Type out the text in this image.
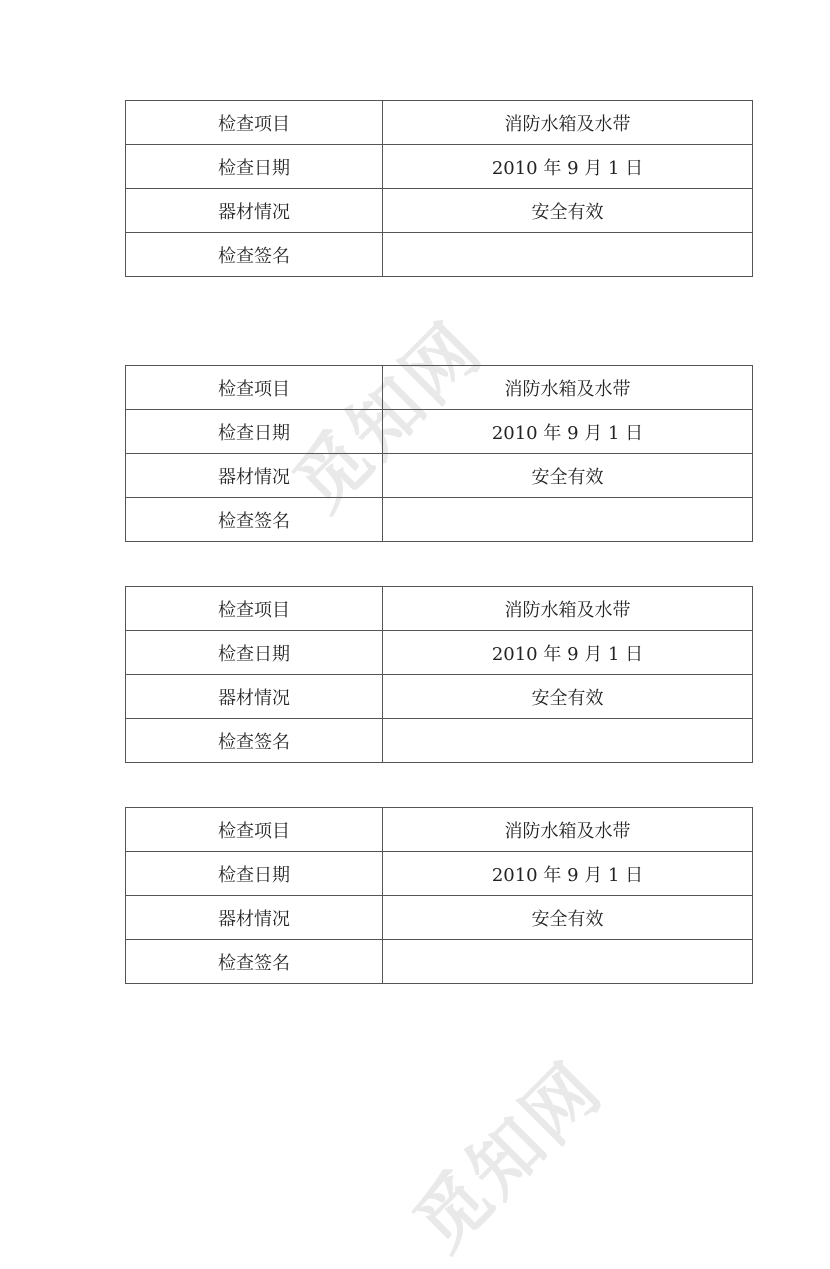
觅知网
觅知网
检查项目	消防水箱及水带
检查日期	2010 年 9 月 1 日
器材情况	安全有效
检查签名	
检查项目	消防水箱及水带
检查日期	2010 年 9 月 1 日
器材情况	安全有效
检查签名	
检查项目	消防水箱及水带
检查日期	2010 年 9 月 1 日
器材情况	安全有效
检查签名	
检查项目	消防水箱及水带
检查日期	2010 年 9 月 1 日
器材情况	安全有效
检查签名	
